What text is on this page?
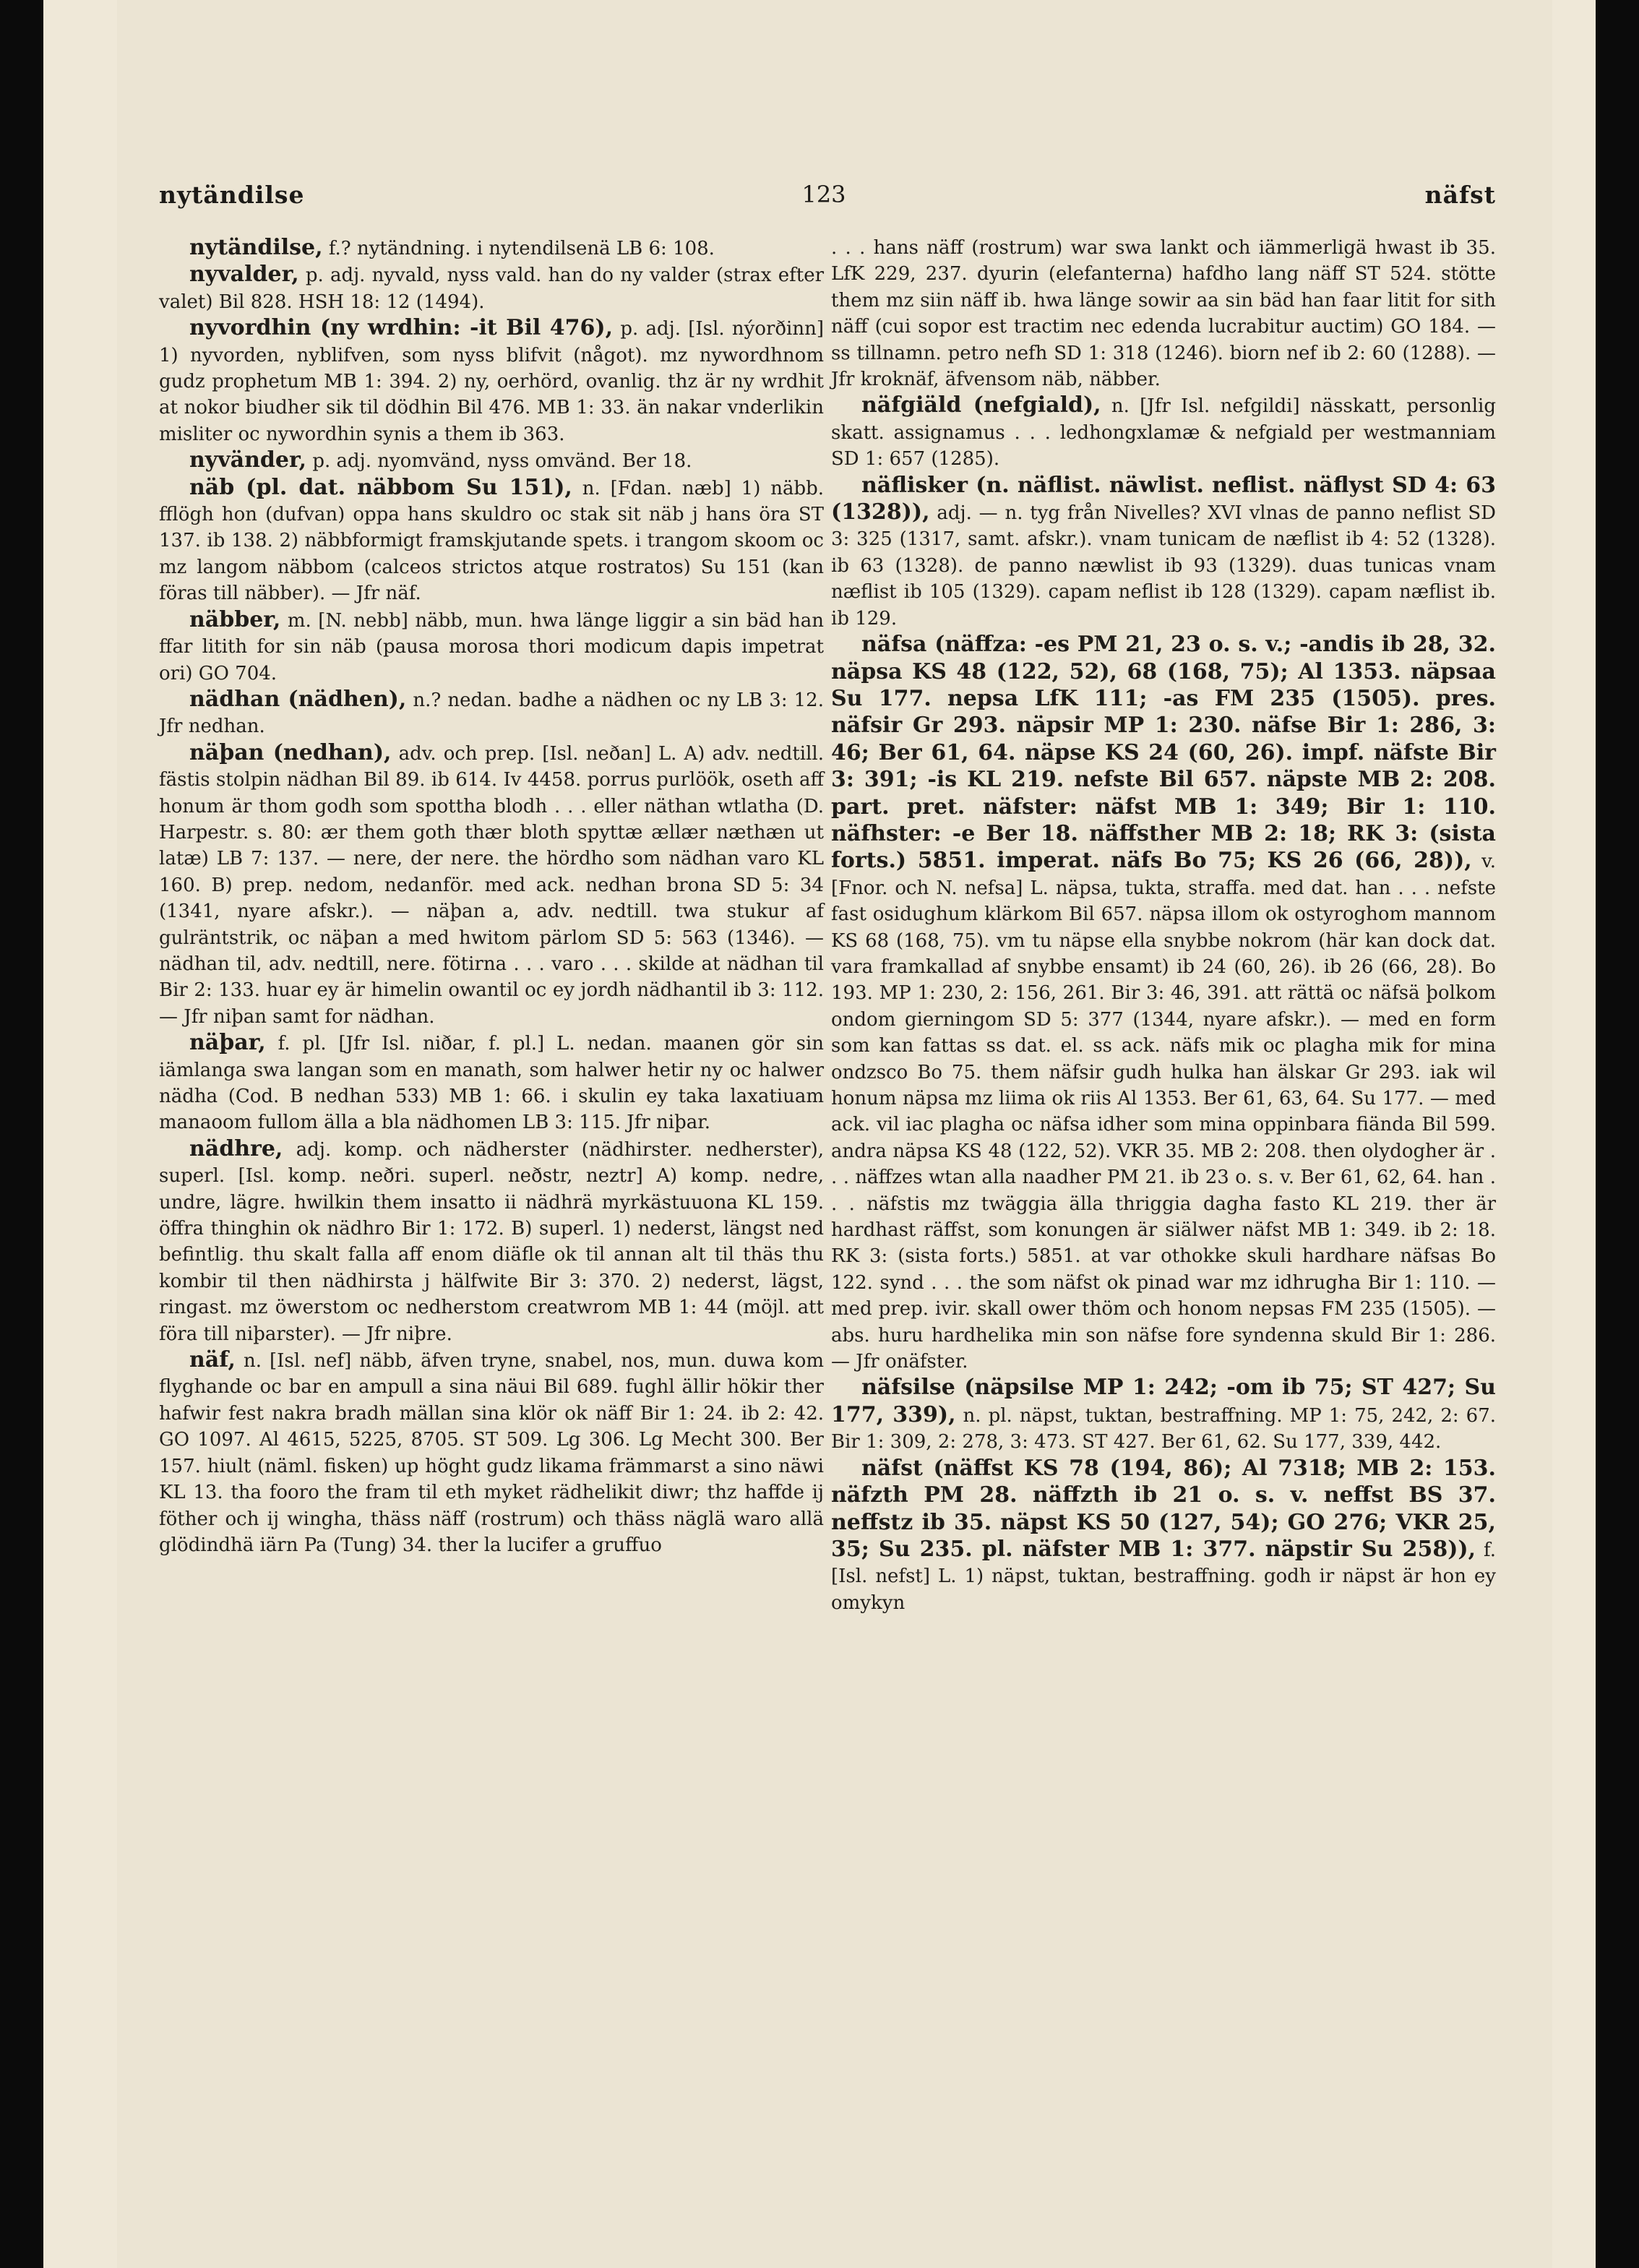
nytändilse	123	näfst

nytändilse, f.? nytändning. i nytendilsenä LB 6: 108.

nyvalder, p. adj. nyvald, nyss vald. han do ny valder (strax efter valet) Bil 828. HSH 18: 12 (1494).

nyvordhin (ny wrdhin: -it Bil 476), p. adj. [Isl. nýorðinn] 1) nyvorden, nyblifven, som nyss blifvit (något). mz nywordhnom gudz prophetum MB 1: 394. 2) ny, oerhörd, ovanlig. thz är ny wrdhit at nokor biudher sik til dödhin Bil 476. MB 1: 33. än nakar vnderlikin misliter oc nywordhin synis a them ib 363.

nyvänder, p. adj. nyomvänd, nyss omvänd. Ber 18.

näb (pl. dat. näbbom Su 151), n. [Fdan. næb] 1) näbb. fflögh hon (dufvan) oppa hans skuldro oc stak sit näb j hans öra ST 137. ib 138. 2) näbbformigt framskjutande spets. i trangom skoom oc mz langom näbbom (calceos strictos atque rostratos) Su 151 (kan föras till näbber). — Jfr näf.

näbber, m. [N. nebb] näbb, mun. hwa länge liggir a sin bäd han ffar litith for sin näb (pausa morosa thori modicum dapis impetrat ori) GO 704.

nädhan (nädhen), n.? nedan. badhe a nädhen oc ny LB 3: 12. Jfr nedhan.

näþan (nedhan), adv. och prep. [Isl. neðan] L. A) adv. nedtill. fästis stolpin nädhan Bil 89. ib 614. Iv 4458. porrus purlöök, oseth aff honum är thom godh som spottha blodh . . . eller näthan wtlatha (D. Harpestr. s. 80: ær them goth thær bloth spyttæ ællær næthæn ut latæ) LB 7: 137. — nere, der nere. the hördho som nädhan varo KL 160. B) prep. nedom, nedanför. med ack. nedhan brona SD 5: 34 (1341, nyare afskr.). — näþan a, adv. nedtill. twa stukur af gulräntstrik, oc näþan a med hwitom pärlom SD 5: 563 (1346). — nädhan til, adv. nedtill, nere. fötirna . . . varo . . . skilde at nädhan til Bir 2: 133. huar ey är himelin owantil oc ey jordh nädhantil ib 3: 112. — Jfr niþan samt for nädhan.

näþar, f. pl. [Jfr Isl. niðar, f. pl.] L. nedan. maanen gör sin iämlanga swa langan som en manath, som halwer hetir ny oc halwer nädha (Cod. B nedhan 533) MB 1: 66. i skulin ey taka laxatiuam manaoom fullom älla a bla nädhomen LB 3: 115. Jfr niþar.

nädhre, adj. komp. och nädherster (nädhirster. nedherster), superl. [Isl. komp. neðri. superl. neðstr, neztr] A) komp. nedre, undre, lägre. hwilkin them insatto ii nädhrä myrkästuuona KL 159. öffra thinghin ok nädhro Bir 1: 172. B) superl. 1) nederst, längst ned befintlig. thu skalt falla aff enom diäfle ok til annan alt til thäs thu kombir til then nädhirsta j hälfwite Bir 3: 370. 2) nederst, lägst, ringast. mz öwerstom oc nedherstom creatwrom MB 1: 44 (möjl. att föra till niþarster). — Jfr niþre.

näf, n. [Isl. nef] näbb, äfven tryne, snabel, nos, mun. duwa kom flyghande oc bar en ampull a sina näui Bil 689. fughl ällir hökir ther hafwir fest nakra bradh mällan sina klör ok näff Bir 1: 24. ib 2: 42. GO 1097. Al 4615, 5225, 8705. ST 509. Lg 306. Lg Mecht 300. Ber 157. hiult (näml. fisken) up höght gudz likama främmarst a sino näwi KL 13. tha fooro the fram til eth myket rädhelikit diwr; thz haffde ij föther och ij wingha, thäss näff (rostrum) och thäss näglä waro allä glödindhä iärn Pa (Tung) 34. ther la lucifer a gruffuo

. . . hans näff (rostrum) war swa lankt och iämmerligä hwast ib 35. LfK 229, 237. dyurin (elefanterna) hafdho lang näff ST 524. stötte them mz siin näff ib. hwa länge sowir aa sin bäd han faar litit for sith näff (cui sopor est tractim nec edenda lucrabitur auctim) GO 184. — ss tillnamn. petro nefh SD 1: 318 (1246). biorn nef ib 2: 60 (1288). — Jfr kroknäf, äfvensom näb, näbber.

näfgiäld (nefgiald), n. [Jfr Isl. nefgildi] nässkatt, personlig skatt. assignamus . . . ledhongxlamæ & nefgiald per westmanniam SD 1: 657 (1285).

näflisker (n. näflist. näwlist. neflist. näflyst SD 4: 63 (1328)), adj. — n. tyg från Nivelles? XVI vlnas de panno neflist SD 3: 325 (1317, samt. afskr.). vnam tunicam de næflist ib 4: 52 (1328). ib 63 (1328). de panno næwlist ib 93 (1329). duas tunicas vnam næflist ib 105 (1329). capam neflist ib 128 (1329). capam næflist ib. ib 129.

näfsa (näffza: -es PM 21, 23 o. s. v.; -andis ib 28, 32. näpsa KS 48 (122, 52), 68 (168, 75); Al 1353. näpsaa Su 177. nepsa LfK 111; -as FM 235 (1505). pres. näfsir Gr 293. näpsir MP 1: 230. näfse Bir 1: 286, 3: 46; Ber 61, 64. näpse KS 24 (60, 26). impf. näfste Bir 3: 391; -is KL 219. nefste Bil 657. näpste MB 2: 208. part. pret. näfster: näfst MB 1: 349; Bir 1: 110. näfhster: -e Ber 18. näffsther MB 2: 18; RK 3: (sista forts.) 5851. imperat. näfs Bo 75; KS 26 (66, 28)), v. [Fnor. och N. nefsa] L. näpsa, tukta, straffa. med dat. han . . . nefste fast osidughum klärkom Bil 657. näpsa illom ok ostyroghom mannom KS 68 (168, 75). vm tu näpse ella snybbe nokrom (här kan dock dat. vara framkallad af snybbe ensamt) ib 24 (60, 26). ib 26 (66, 28). Bo 193. MP 1: 230, 2: 156, 261. Bir 3: 46, 391. att rättä oc näfsä þolkom ondom gierningom SD 5: 377 (1344, nyare afskr.). — med en form som kan fattas ss dat. el. ss ack. näfs mik oc plagha mik for mina ondzsco Bo 75. them näfsir gudh hulka han älskar Gr 293. iak wil honum näpsa mz liima ok riis Al 1353. Ber 61, 63, 64. Su 177. — med ack. vil iac plagha oc näfsa idher som mina oppinbara fiända Bil 599. andra näpsa KS 48 (122, 52). VKR 35. MB 2: 208. then olydogher är . . . näffzes wtan alla naadher PM 21. ib 23 o. s. v. Ber 61, 62, 64. han . . . näfstis mz twäggia älla thriggia dagha fasto KL 219. ther är hardhast räffst, som konungen är siälwer näfst MB 1: 349. ib 2: 18. RK 3: (sista forts.) 5851. at var othokke skuli hardhare näfsas Bo 122. synd . . . the som näfst ok pinad war mz idhrugha Bir 1: 110. — med prep. ivir. skall ower thöm och honom nepsas FM 235 (1505). — abs. huru hardhelika min son näfse fore syndenna skuld Bir 1: 286. — Jfr onäfster.

näfsilse (näpsilse MP 1: 242; -om ib 75; ST 427; Su 177, 339), n. pl. näpst, tuktan, bestraffning. MP 1: 75, 242, 2: 67. Bir 1: 309, 2: 278, 3: 473. ST 427. Ber 61, 62. Su 177, 339, 442.

näfst (näffst KS 78 (194, 86); Al 7318; MB 2: 153. näfzth PM 28. näffzth ib 21 o. s. v. neffst BS 37. neffstz ib 35. näpst KS 50 (127, 54); GO 276; VKR 25, 35; Su 235. pl. näfster MB 1: 377. näpstir Su 258)), f. [Isl. nefst] L. 1) näpst, tuktan, bestraffning. godh ir näpst är hon ey omykyn
